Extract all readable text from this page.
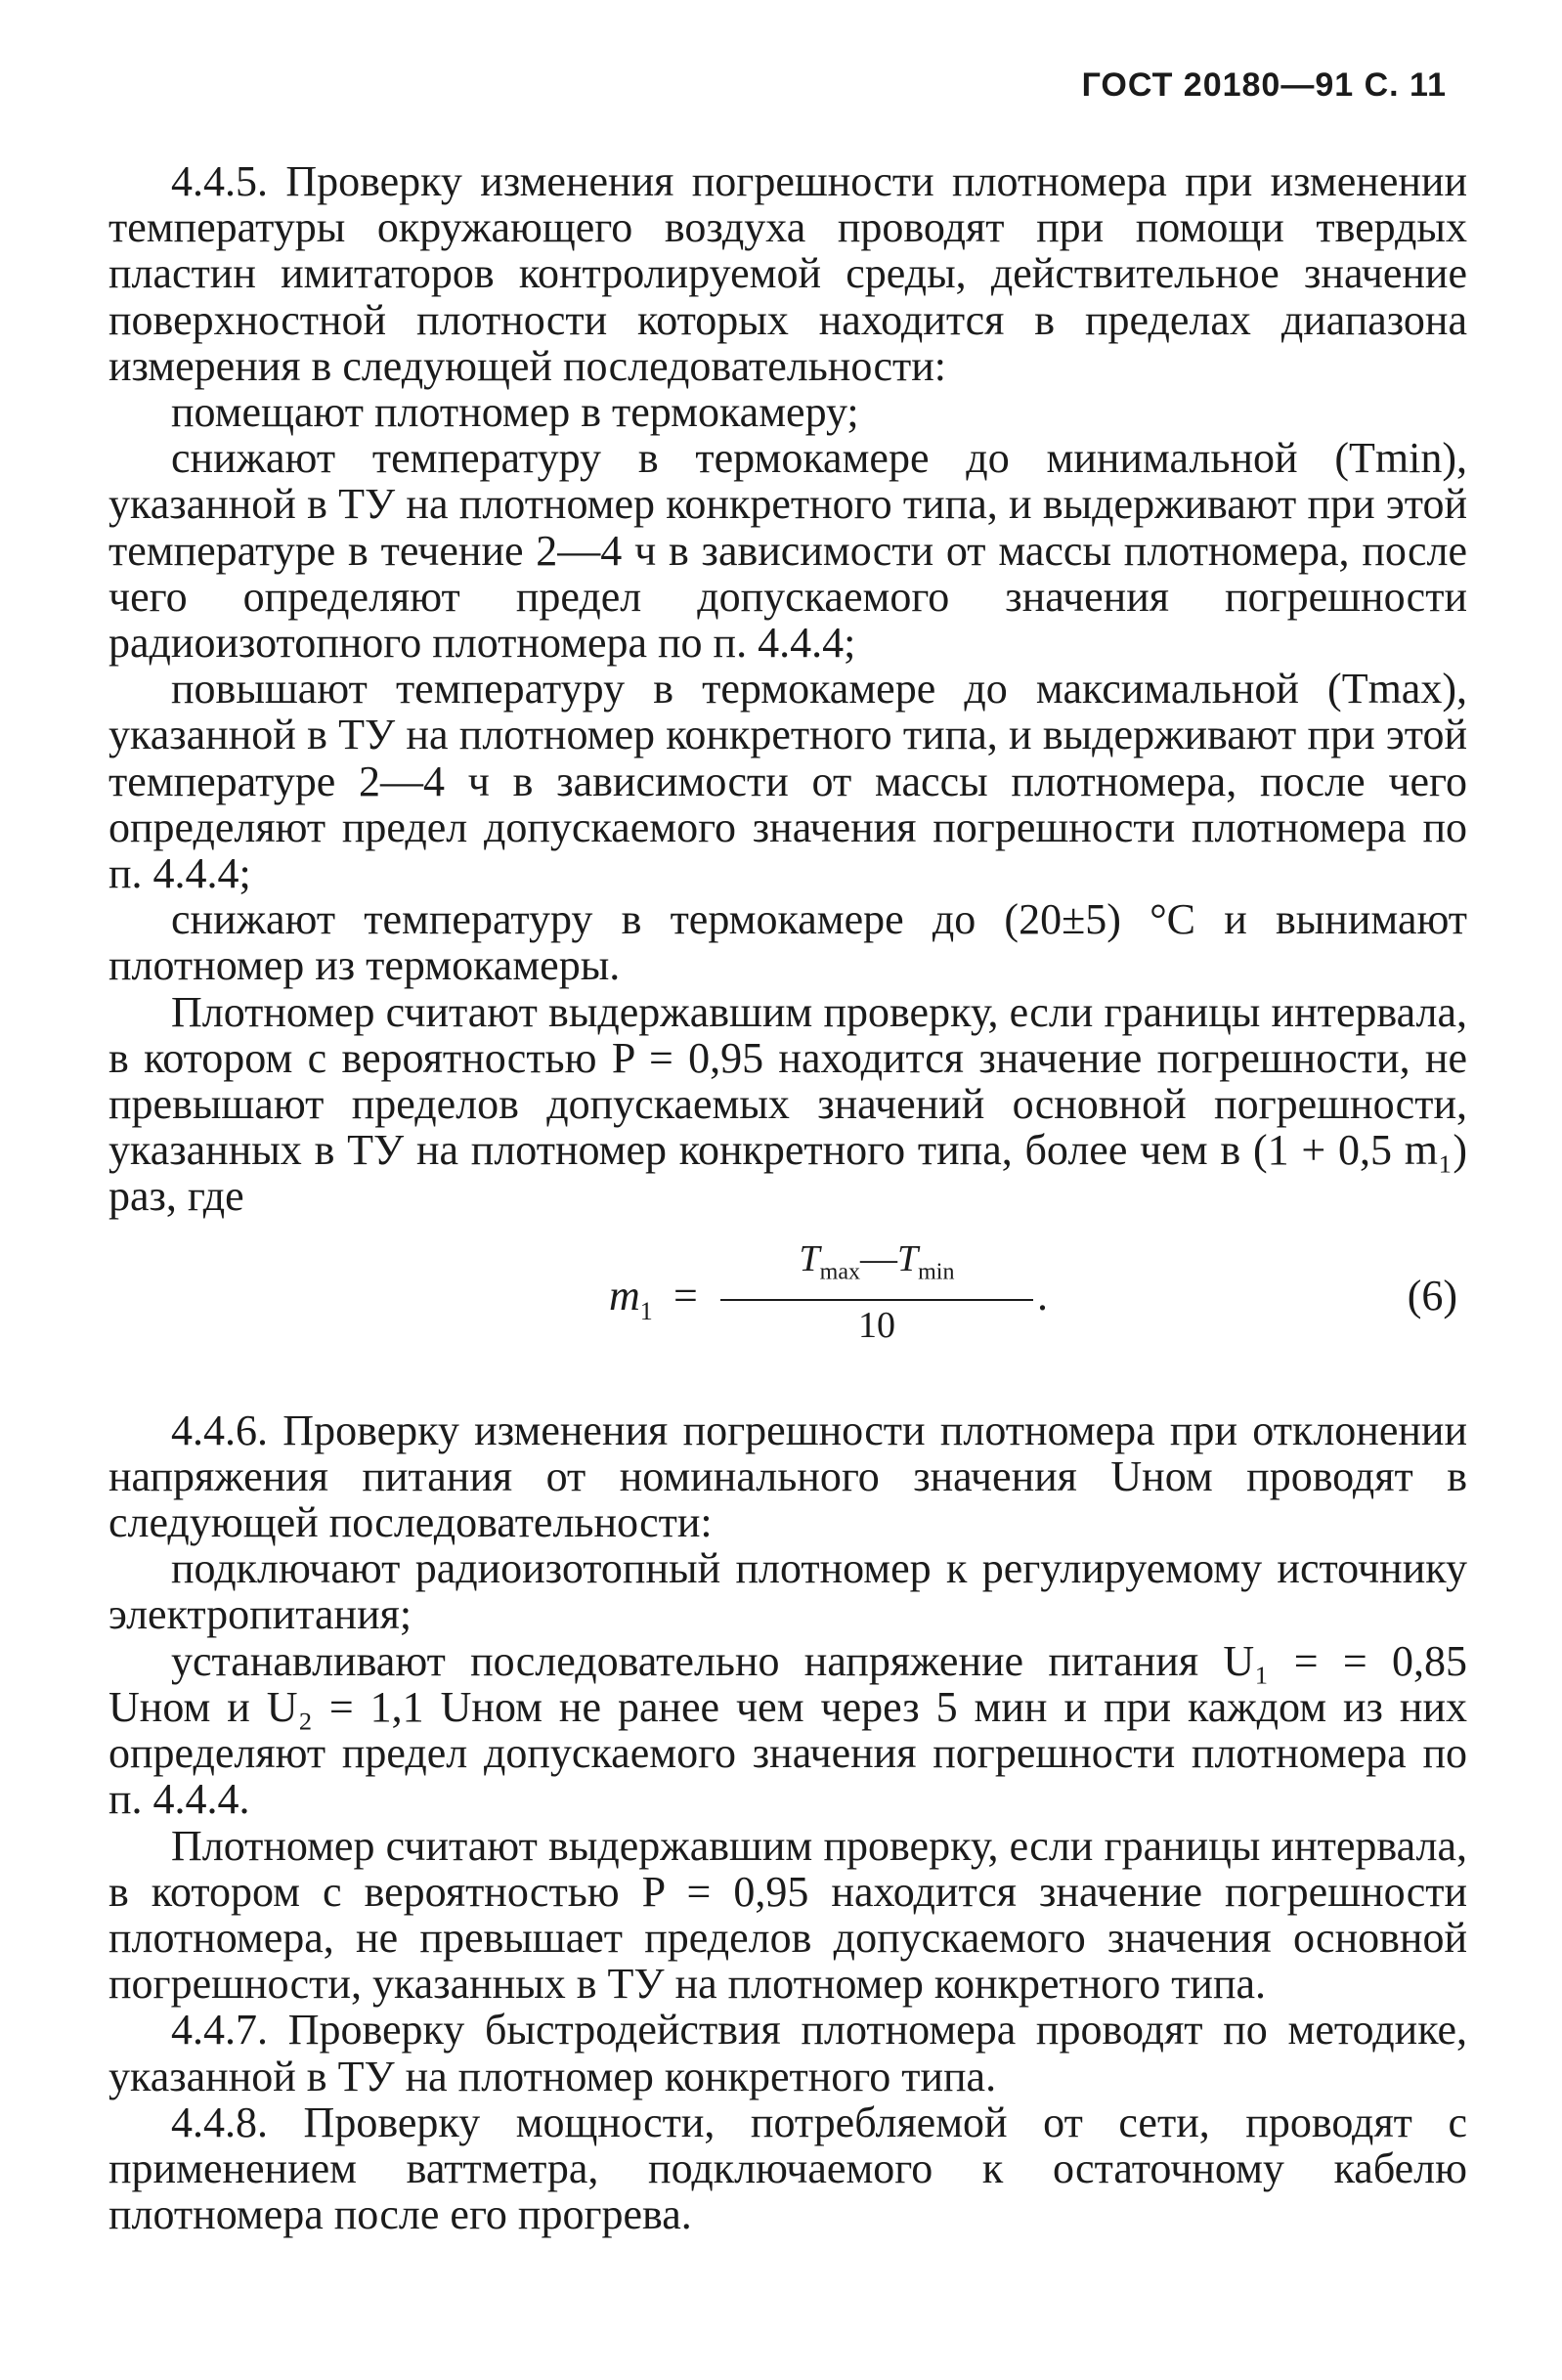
ГОСТ 20180—91 С. 11

4.4.5. Проверку изменения погрешности плотномера при изменении температуры окружающего воздуха проводят при помощи твердых пластин имитаторов контролируемой среды, действительное значение поверхностной плотности которых находится в пределах диапазона измерения в следующей последовательности:

помещают плотномер в термокамеру;

снижают температуру в термокамере до минимальной (Tmin), указанной в ТУ на плотномер конкретного типа, и выдерживают при этой температуре в течение 2—4 ч в зависимости от массы плотномера, после чего определяют предел допускаемого значения погрешности радиоизотопного плотномера по п. 4.4.4;

повышают температуру в термокамере до максимальной (Tmax), указанной в ТУ на плотномер конкретного типа, и выдерживают при этой температуре 2—4 ч в зависимости от массы плотномера, после чего определяют предел допускаемого значения погрешности плотномера по п. 4.4.4;

снижают температуру в термокамере до (20±5) °С и вынимают плотномер из термокамеры.

Плотномер считают выдержавшим проверку, если границы интервала, в котором с вероятностью P = 0,95 находится значение погрешности, не превышают пределов допускаемых значений основной погрешности, указанных в ТУ на плотномер конкретного типа, более чем в (1 + 0,5 m₁) раз, где

$m_1$ =
$T_{max}—T_{min}$
10
.	(6)

4.4.6. Проверку изменения погрешности плотномера при отклонении напряжения питания от номинального значения Uном проводят в следующей последовательности:

подключают радиоизотопный плотномер к регулируемому источнику электропитания;

устанавливают последовательно напряжение питания U₁ = = 0,85 Uном и U₂ = 1,1 Uном не ранее чем через 5 мин и при каждом из них определяют предел допускаемого значения погрешности плотномера по п. 4.4.4.

Плотномер считают выдержавшим проверку, если границы интервала, в котором с вероятностью P = 0,95 находится значение погрешности плотномера, не превышает пределов допускаемого значения основной погрешности, указанных в ТУ на плотномер конкретного типа.

4.4.7. Проверку быстродействия плотномера проводят по методике, указанной в ТУ на плотномер конкретного типа.

4.4.8. Проверку мощности, потребляемой от сети, проводят с применением ваттметра, подключаемого к остаточному кабелю плотномера после его прогрева.
